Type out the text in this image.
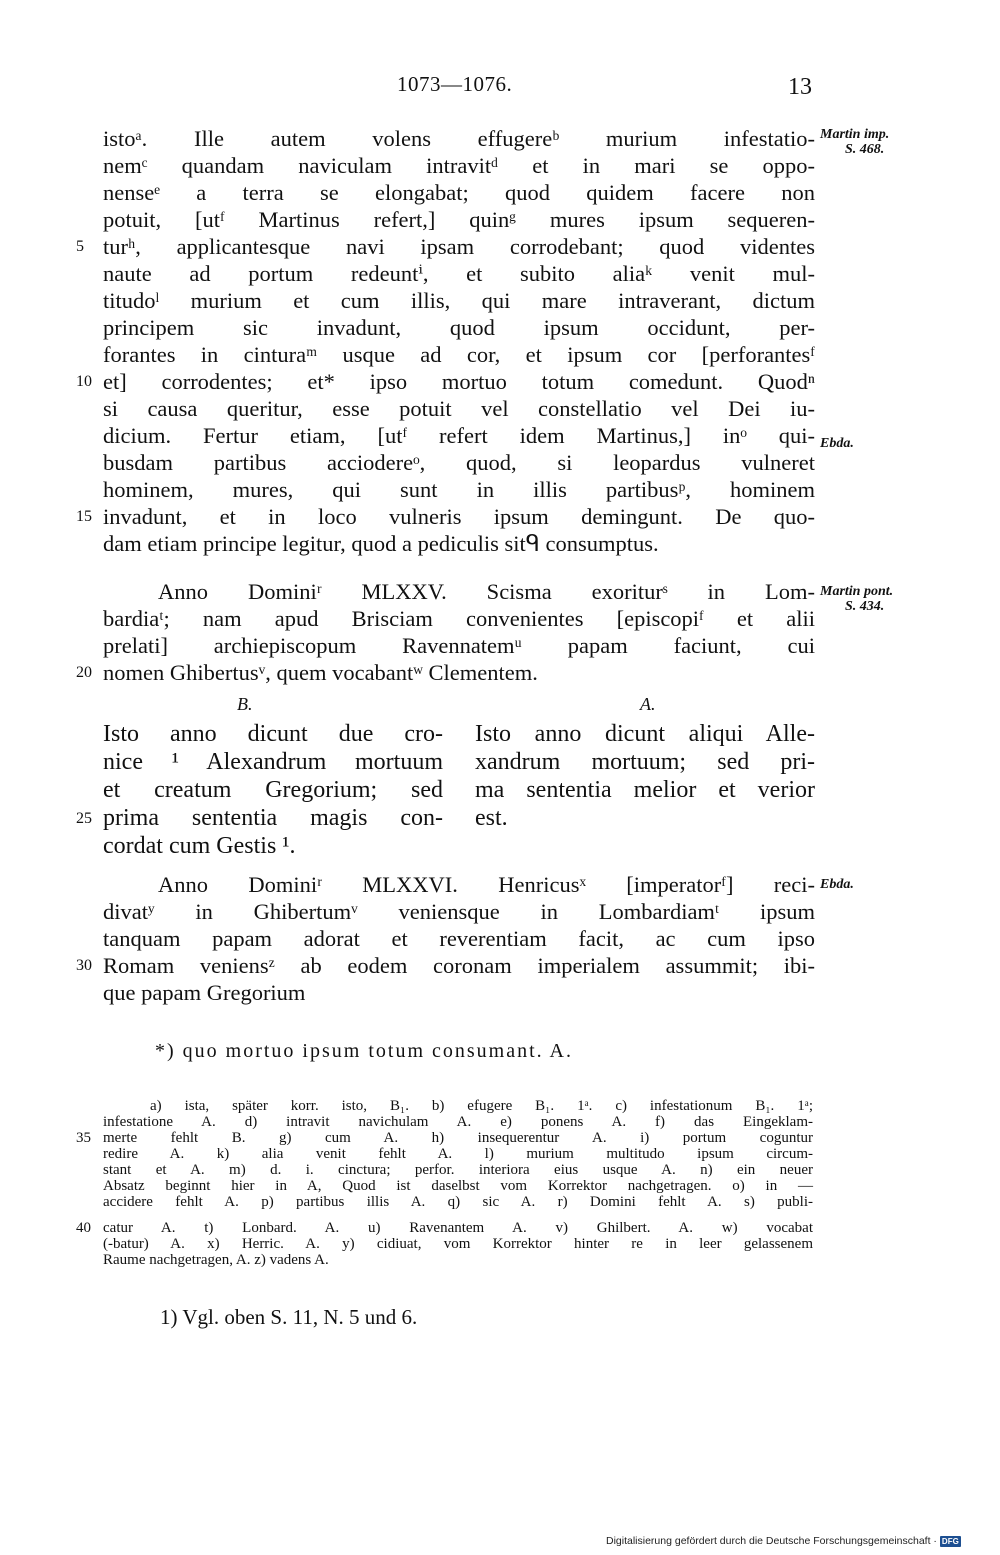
1073—1076.	13
Martin imp.
S. 468.
Ebda.
Martin pont.
S. 434.
Ebda.
istoᵃ. Ille autem volens effugereᵇ murium infestatio-
nemᶜ quandam naviculam intravitᵈ et in mari se oppo-
nenseᵉ a terra se elongabat; quod quidem facere non
potuit, [utᶠ Martinus refert,] quinᵍ mures ipsum sequeren-
5 turʰ, applicantesque navi ipsam corrodebant; quod videntes
naute ad portum redeuntⁱ, et subito aliaᵏ venit mul-
titudoˡ murium et cum illis, qui mare intraverant, dictum
principem sic invadunt, quod ipsum occidunt, per-
forantes in cinturaᵐ usque ad cor, et ipsum cor [perforantesᶠ
10 et] corrodentes; et* ipso mortuo totum comedunt. Quodⁿ
si causa queritur, esse potuit vel constellatio vel Dei iu-
dicium. Fertur etiam, [utᶠ refert idem Martinus,] inᵒ qui-
busdam partibus acciodereᵒ, quod, si leopardus vulneret
hominem, mures, qui sunt in illis partibusᵖ, hominem
15 invadunt, et in loco vulneris ipsum demingunt. De quo-
dam etiam principe legitur, quod a pediculis sitᑫ consumptus.
Anno Dominiʳ MLXXV. Scisma exoriturˢ in Lom-
bardiaᵗ; nam apud Brisciam convenientes [episcopiᶠ et alii
prelati] archiepiscopum Ravennatemᵘ papam faciunt, cui
20 nomen Ghibertusᵛ, quem vocabantʷ Clementem.
B.	A.
Isto anno dicunt due cro-
nice ¹ Alexandrum mortuum
et creatum Gregorium; sed
25 prima sententia magis con-
cordat cum Gestis ¹.
Isto anno dicunt aliqui Alle-
xandrum mortuum; sed pri-
ma sententia melior et verior
est.
Anno Dominiʳ MLXXVI. Henricusˣ [imperatorᶠ] reci-
divatʸ in Ghibertumᵛ veniensque in Lombardiamᵗ ipsum
tanquam papam adorat et reverentiam facit, ac cum ipso
30 Romam veniensᶻ ab eodem coronam imperialem assummit; ibi-
que papam Gregorium
*) quo mortuo ipsum totum consumant. A.
a) ista, später korr. isto, B₁. b) efugere B₁. 1ᵃ. c) infestationum B₁. 1ᵃ;
infestatione A. d) intravit navichulam A. e) ponens A. f) das Eingeklam-
35 merte fehlt B. g) cum A. h) insequerentur A. i) portum coguntur
redire A. k) alia venit fehlt A. l) murium multitudo ipsum circum-
stant et A. m) d. i. cinctura; perfor. interiora eius usque A. n) ein neuer
Absatz beginnt hier in A, Quod ist daselbst vom Korrektor nachgetragen. o) in —
accidere fehlt A. p) partibus illis A. q) sic A. r) Domini fehlt A. s) publi-
40 catur A. t) Lonbard. A. u) Ravenantem A. v) Ghilbert. A. w) vocabat
(-batur) A. x) Herric. A. y) cidiuat, vom Korrektor hinter re in leer gelassenem
Raume nachgetragen, A. z) vadens A.
1) Vgl. oben S. 11, N. 5 und 6.
Digitalisierung gefördert durch die Deutsche Forschungsgemeinschaft · DFG
